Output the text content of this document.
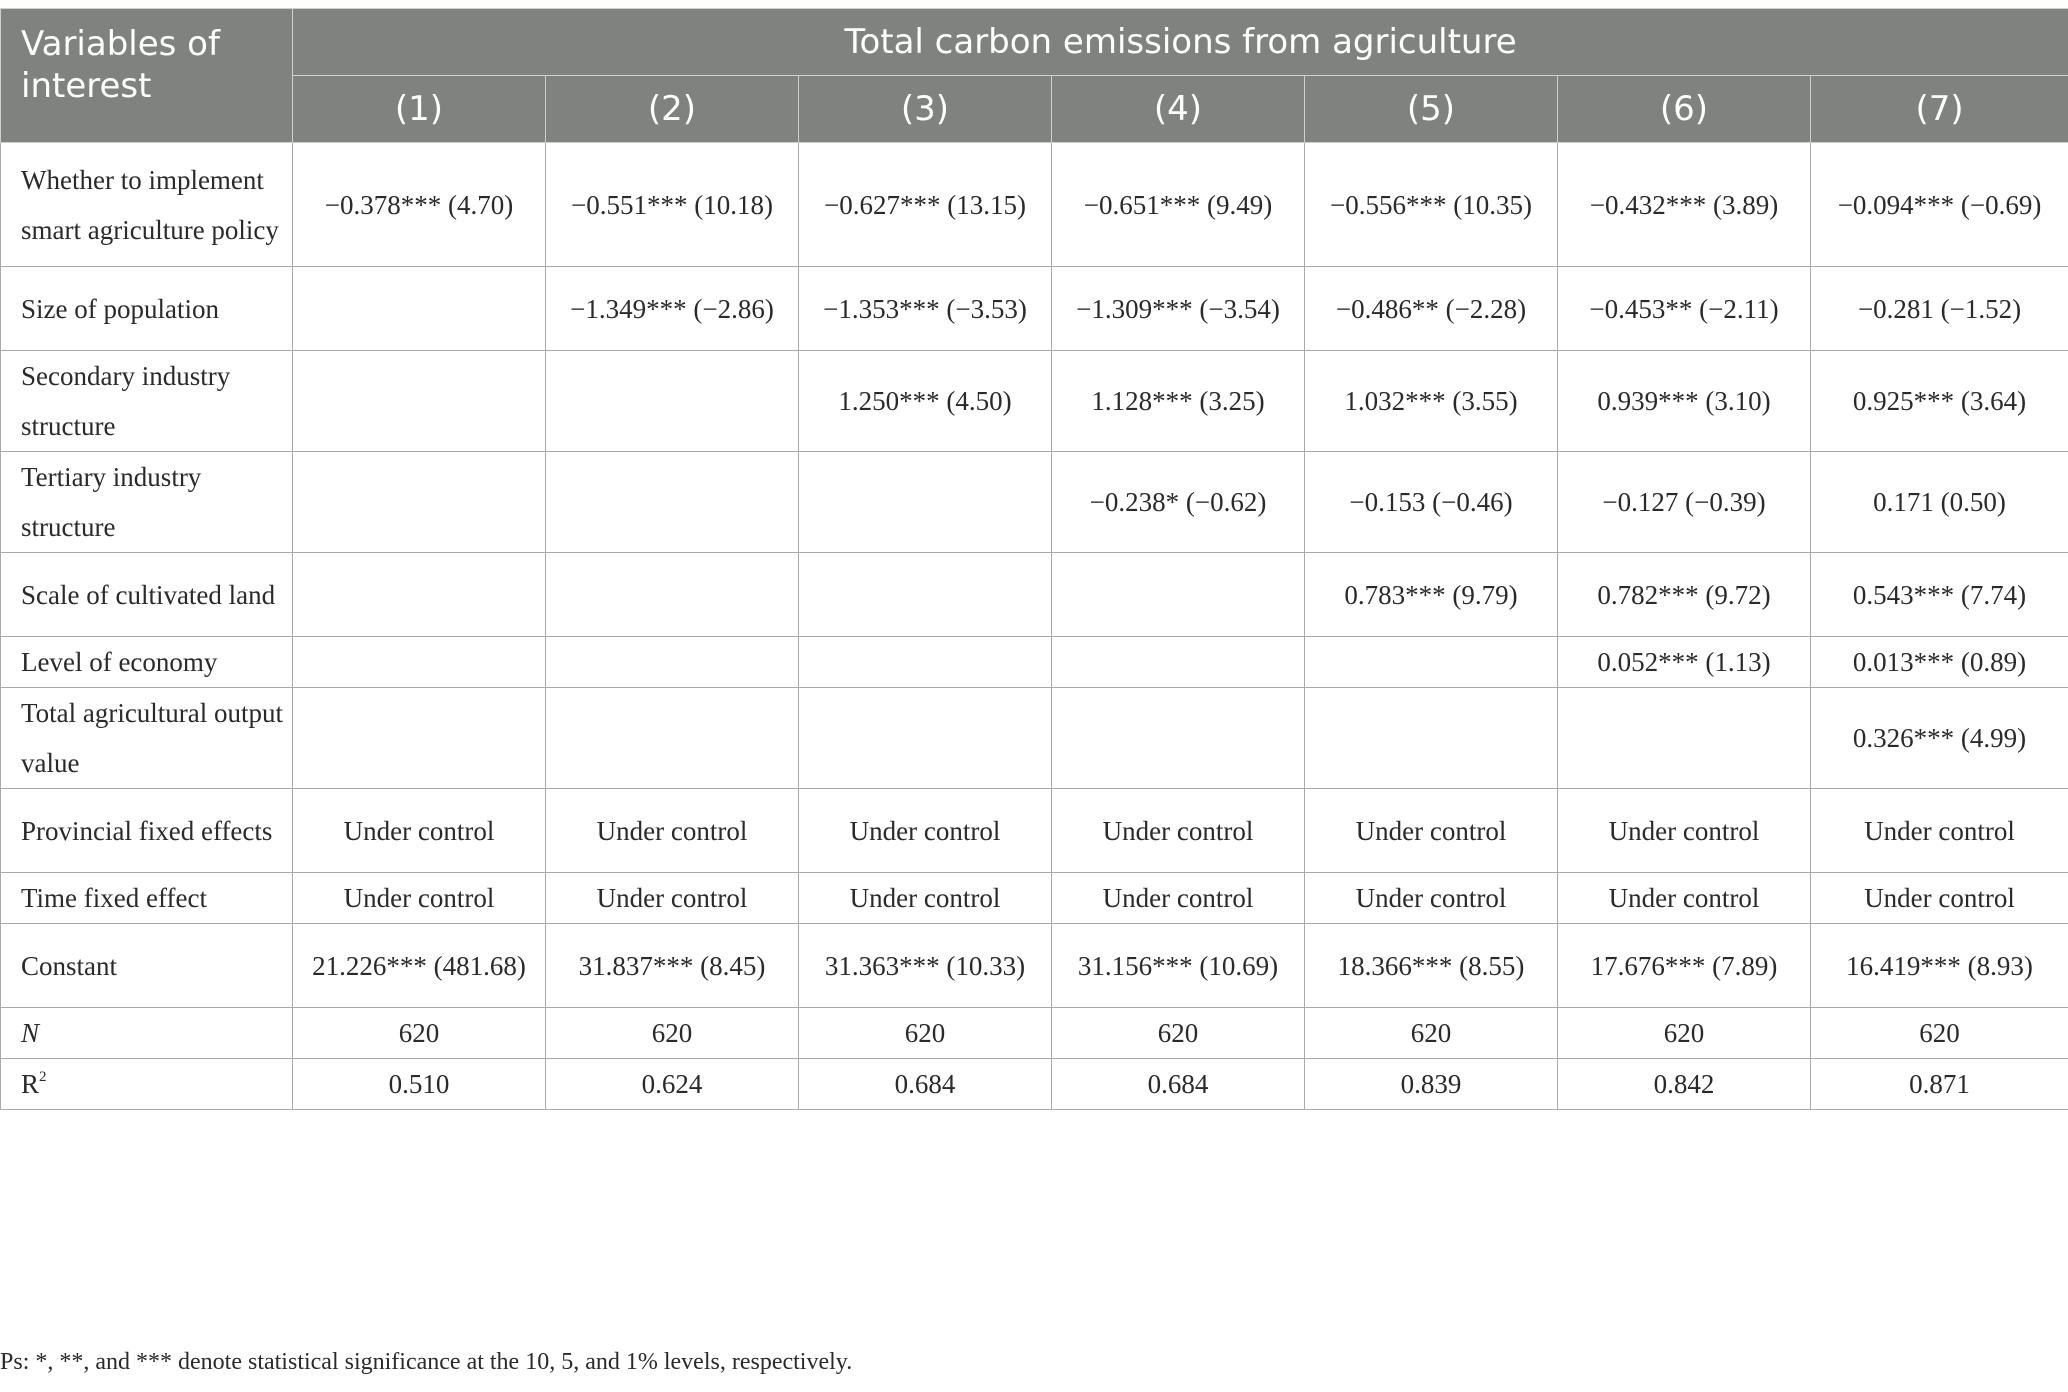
Variables of interest	Total carbon emissions from agriculture						
	(1)	(2)	(3)	(4)	(5)	(6)	(7)
Whether to implement smart agriculture policy	−0.378*** (4.70)	−0.551*** (10.18)	−0.627*** (13.15)	−0.651*** (9.49)	−0.556*** (10.35)	−0.432*** (3.89)	−0.094*** (−0.69)
Size of population		−1.349*** (−2.86)	−1.353*** (−3.53)	−1.309*** (−3.54)	−0.486** (−2.28)	−0.453** (−2.11)	−0.281 (−1.52)
Secondary industry structure			1.250*** (4.50)	1.128*** (3.25)	1.032*** (3.55)	0.939*** (3.10)	0.925*** (3.64)
Tertiary industry structure				−0.238* (−0.62)	−0.153 (−0.46)	−0.127 (−0.39)	0.171 (0.50)
Scale of cultivated land					0.783*** (9.79)	0.782*** (9.72)	0.543*** (7.74)
Level of economy						0.052*** (1.13)	0.013*** (0.89)
Total agricultural output value							0.326*** (4.99)
Provincial fixed effects	Under control	Under control	Under control	Under control	Under control	Under control	Under control
Time fixed effect	Under control	Under control	Under control	Under control	Under control	Under control	Under control
Constant	21.226*** (481.68)	31.837*** (8.45)	31.363*** (10.33)	31.156*** (10.69)	18.366*** (8.55)	17.676*** (7.89)	16.419*** (8.93)
N	620	620	620	620	620	620	620
$R^2$	0.510	0.624	0.684	0.684	0.839	0.842	0.871
Ps: *, **, and *** denote statistical significance at the 10, 5, and 1% levels, respectively.
